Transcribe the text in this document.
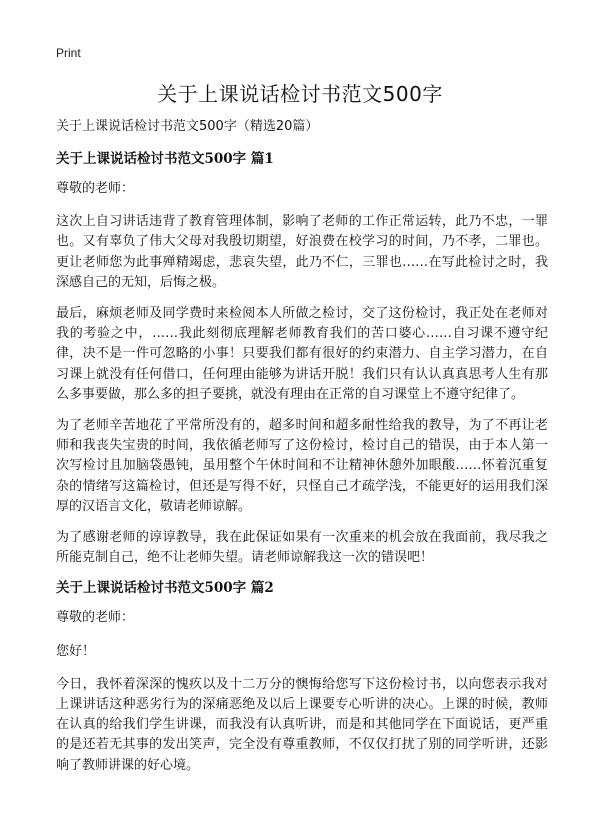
Print
关于上课说话检讨书范文500字

关于上课说话检讨书范文500字（精选20篇）

关于上课说话检讨书范文500字 篇1

尊敬的老师：

这次上自习讲话违背了教育管理体制，影响了老师的工作正常运转，此乃不忠，一罪也。又有辜负了伟大父母对我殷切期望，好浪费在校学习的时间，乃不孝，二罪也。更让老师您为此事殚精竭虑，悲哀失望，此乃不仁，三罪也……在写此检讨之时，我深感自己的无知，后悔之极。

最后，麻烦老师及同学费时来检阅本人所做之检讨，交了这份检讨，我正处在老师对我的考验之中，……我此刻彻底理解老师教育我们的苦口婆心……自习课不遵守纪律，决不是一件可忽略的小事！只要我们都有很好的约束潜力、自主学习潜力，在自习课上就没有任何借口，任何理由能够为讲话开脱！我们只有认认真真思考人生有那么多事要做，那么多的担子要挑，就没有理由在正常的自习课堂上不遵守纪律了。

为了老师辛苦地花了平常所没有的，超多时间和超多耐性给我的教导，为了不再让老师和我丧失宝贵的时间，我依循老师写了这份检讨，检讨自己的错误，由于本人第一次写检讨且加脑袋愚钝，虽用整个午休时间和不让精神休憩外加眼酸……怀着沉重复杂的情绪写这篇检讨，但还是写得不好，只怪自己才疏学浅，不能更好的运用我们深厚的汉语言文化，敬请老师谅解。

为了感谢老师的谆谆教导，我在此保证如果有一次重来的机会放在我面前，我尽我之所能克制自己，绝不让老师失望。请老师谅解我这一次的错误吧！

关于上课说话检讨书范文500字 篇2

尊敬的老师：

您好！

今日，我怀着深深的愧疚以及十二万分的懊悔给您写下这份检讨书，以向您表示我对上课讲话这种恶劣行为的深痛恶绝及以后上课要专心听讲的决心。上课的时候，教师在认真的给我们学生讲课，而我没有认真听讲，而是和其他同学在下面说话，更严重的是还若无其事的发出笑声，完全没有尊重教师，不仅仅打扰了别的同学听讲，还影响了教师讲课的好心境。
